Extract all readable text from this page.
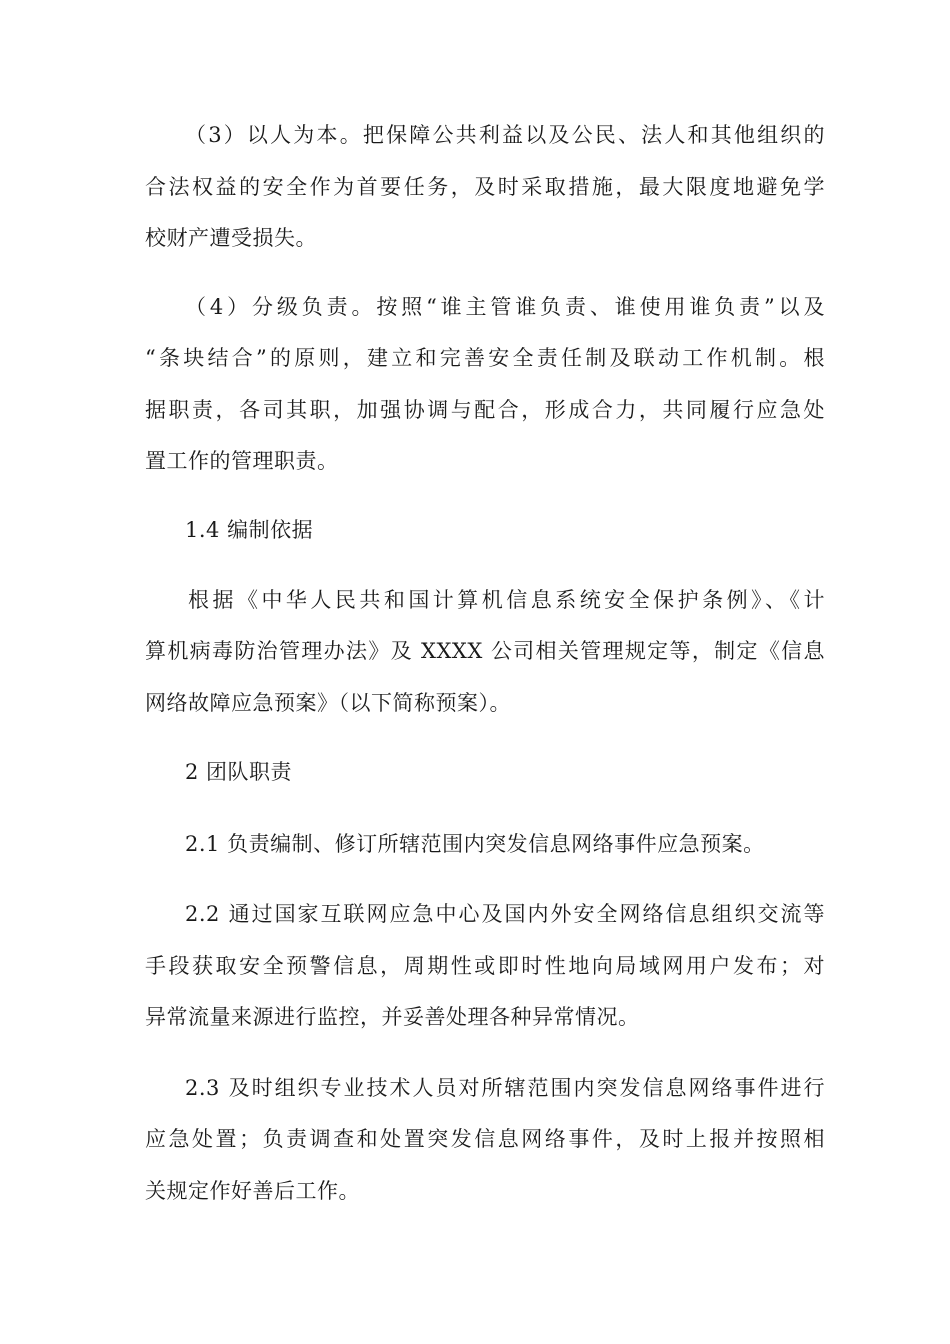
（3）以人为本。把保障公共利益以及公民、法人和其他组织的
合法权益的安全作为首要任务，及时采取措施，最大限度地避免学
校财产遭受损失。
（4）分级负责。按照“谁主管谁负责、谁使用谁负责”以及
“条块结合”的原则，建立和完善安全责任制及联动工作机制。根
据职责，各司其职，加强协调与配合，形成合力，共同履行应急处
置工作的管理职责。
1.4 编制依据
根据《中华人民共和国计算机信息系统安全保护条例》、《计
算机病毒防治管理办法》及 XXXX 公司相关管理规定等，制定《信息
网络故障应急预案》（以下简称预案）。
2 团队职责
2.1 负责编制、修订所辖范围内突发信息网络事件应急预案。
2.2 通过国家互联网应急中心及国内外安全网络信息组织交流等
手段获取安全预警信息，周期性或即时性地向局域网用户发布；对
异常流量来源进行监控，并妥善处理各种异常情况。
2.3 及时组织专业技术人员对所辖范围内突发信息网络事件进行
应急处置；负责调查和处置突发信息网络事件，及时上报并按照相
关规定作好善后工作。
